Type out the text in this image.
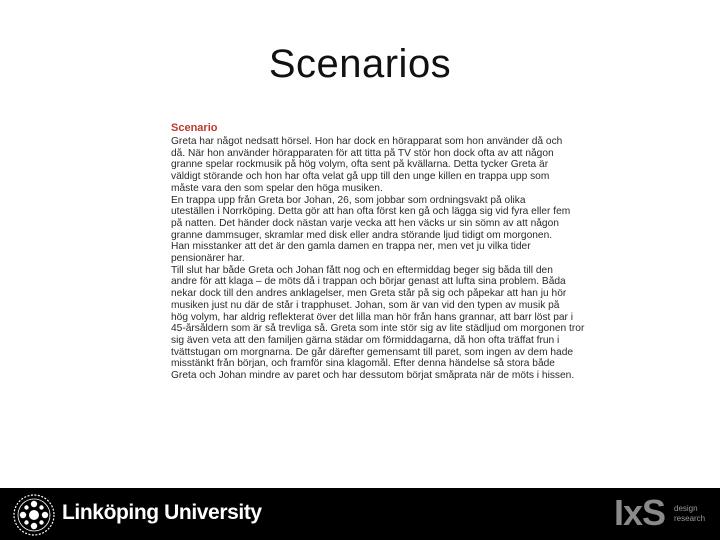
Scenarios
Scenario
Greta har något nedsatt hörsel. Hon har dock en hörapparat som hon använder då och
då. När hon använder hörapparaten för att titta på TV stör hon dock ofta av att någon
granne spelar rockmusik på hög volym, ofta sent på kvällarna. Detta tycker Greta är
väldigt störande och hon har ofta velat gå upp till den unge killen en trappa upp som
måste vara den som spelar den höga musiken.
En trappa upp från Greta bor Johan, 26, som jobbar som ordningsvakt på olika
uteställen i Norrköping. Detta gör att han ofta först ken gå och lägga sig vid fyra eller fem
på natten. Det händer dock nästan varje vecka att hen väcks ur sin sömn av att någon
granne dammsuger, skramlar med disk eller andra störande ljud tidigt om morgonen.
Han misstanker att det är den gamla damen en trappa ner, men vet ju vilka tider
pensionärer har.
Till slut har både Greta och Johan fått nog och en eftermiddag beger sig båda till den
andre för att klaga – de möts då i trappan och börjar genast att lufta sina problem. Båda
nekar dock till den andres anklagelser, men Greta står på sig och påpekar att han ju hör
musiken just nu där de står i trapphuset. Johan, som är van vid den typen av musik på
hög volym, har aldrig reflekterat över det lilla man hör från hans grannar, att barr löst par i
45-årsåldern som är så trevliga så. Greta som inte stör sig av lite städljud om morgonen tror
sig även veta att den familjen gärna städar om förmiddagarna, då hon ofta träffat frun i
tvättstugan om morgnarna. De går därefter gemensamt till paret, som ingen av dem hade
misstänkt från början, och framför sina klagomål. Efter denna händelse så stora både
Greta och Johan mindre av paret och har dessutom börjat småprata när de möts i hissen.
Linköping University	IxS design
research
